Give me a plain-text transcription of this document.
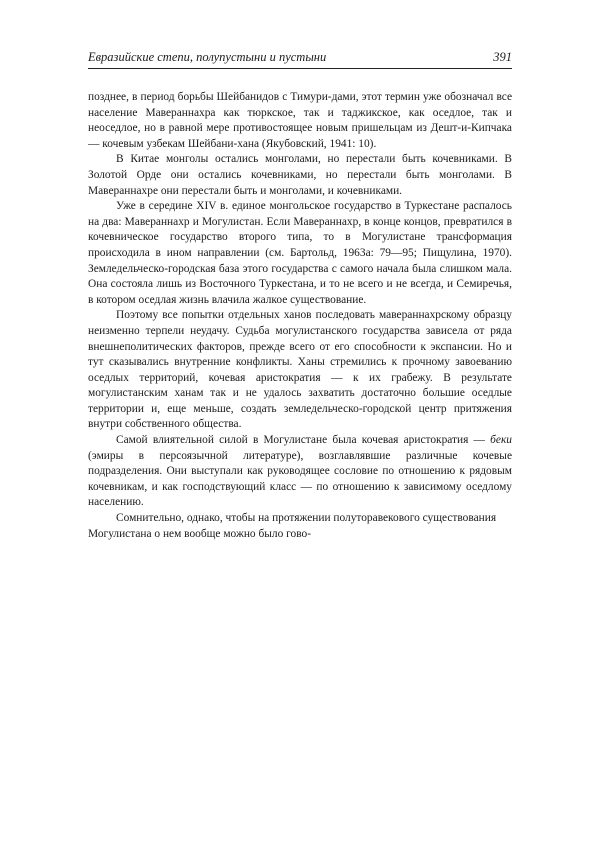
Евразийские степи, полупустыни и пустыни	391

позднее, в период борьбы Шейбанидов с Тимури-дами, этот термин уже обозначал все население Мавераннахра как тюркское, так и таджикское, как оседлое, так и неоседлое, но в равной мере противостоящее новым пришельцам из Дешт-и-Кипчака — кочевым узбекам Шейбани-хана (Якубовский, 1941: 10).

В Китае монголы остались монголами, но перестали быть кочевниками. В Золотой Орде они остались кочевниками, но перестали быть монголами. В Мавераннахре они перестали быть и монголами, и кочевниками.

Уже в середине XIV в. единое монгольское государство в Туркестане распалось на два: Мавераннахр и Могулистан. Если Мавераннахр, в конце концов, превратился в кочевническое государство второго типа, то в Могулистане трансформация происходила в ином направлении (см. Бартольд, 1963а: 79—95; Пищулина, 1970). Земледельческо-городская база этого государства с самого начала была слишком мала. Она состояла лишь из Восточного Туркестана, и то не всего и не всегда, и Семиречья, в котором оседлая жизнь влачила жалкое существование.

Поэтому все попытки отдельных ханов последовать мавераннахрскому образцу неизменно терпели неудачу. Судьба могулистанского государства зависела от ряда внешнеполитических факторов, прежде всего от его способности к экспансии. Но и тут сказывались внутренние конфликты. Ханы стремились к прочному завоеванию оседлых территорий, кочевая аристократия — к их грабежу. В результате могулистанским ханам так и не удалось захватить достаточно большие оседлые территории и, еще меньше, создать земледельческо-городской центр притяжения внутри собственного общества.

Самой влиятельной силой в Могулистане была кочевая аристократия — беки (эмиры в персоязычной литературе), возглавлявшие различные кочевые подразделения. Они выступали как руководящее сословие по отношению к рядовым кочевникам, и как господствующий класс — по отношению к зависимому оседлому населению.

Сомнительно, однако, чтобы на протяжении полуторавекового существования Могулистана о нем вообще можно было гово-
